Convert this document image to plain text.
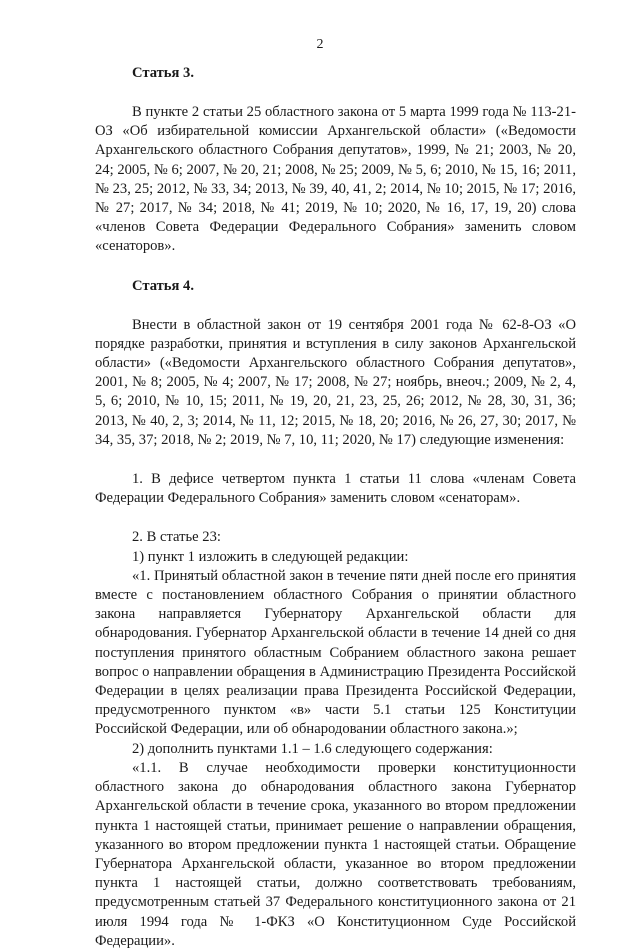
2
Статья 3.

В пункте 2 статьи 25 областного закона от 5 марта 1999 года № 113-21-ОЗ «Об избирательной комиссии Архангельской области» («Ведомости Архангельского областного Собрания депутатов», 1999, № 21; 2003, № 20, 24; 2005, № 6; 2007, № 20, 21; 2008, № 25; 2009, № 5, 6; 2010, № 15, 16; 2011, № 23, 25; 2012, № 33, 34; 2013, № 39, 40, 41, 2; 2014, № 10; 2015, № 17; 2016, № 27; 2017, № 34; 2018, № 41; 2019, № 10; 2020, № 16, 17, 19, 20) слова «членов Совета Федерации Федерального Собрания» заменить словом «сенаторов».

Статья 4.

Внести в областной закон от 19 сентября 2001 года № 62-8-ОЗ «О порядке разработки, принятия и вступления в силу законов Архангельской области» («Ведомости Архангельского областного Собрания депутатов», 2001, № 8; 2005, № 4; 2007, № 17; 2008, № 27; ноябрь, внеоч.; 2009, № 2, 4, 5, 6; 2010, № 10, 15; 2011, № 19, 20, 21, 23, 25, 26; 2012, № 28, 30, 31, 36; 2013, № 40, 2, 3; 2014, № 11, 12; 2015, № 18, 20; 2016, № 26, 27, 30; 2017, № 34, 35, 37; 2018, № 2; 2019, № 7, 10, 11; 2020, № 17) следующие изменения:

1. В дефисе четвертом пункта 1 статьи 11 слова «членам Совета Федерации Федерального Собрания» заменить словом «сенаторам».

2. В статье 23:

1) пункт 1 изложить в следующей редакции:

«1. Принятый областной закон в течение пяти дней после его принятия вместе с постановлением областного Собрания о принятии областного закона направляется Губернатору Архангельской области для обнародования. Губернатор Архангельской области в течение 14 дней со дня поступления принятого областным Собранием областного закона решает вопрос о направлении обращения в Администрацию Президента Российской Федерации в целях реализации права Президента Российской Федерации, предусмотренного пунктом «в» части 5.1 статьи 125 Конституции Российской Федерации, или об обнародовании областного закона.»;

2) дополнить пунктами 1.1 – 1.6 следующего содержания:

«1.1. В случае необходимости проверки конституционности областного закона до обнародования областного закона Губернатор Архангельской области в течение срока, указанного во втором предложении пункта 1 настоящей статьи, принимает решение о направлении обращения, указанного во втором предложении пункта 1 настоящей статьи. Обращение Губернатора Архангельской области, указанное во втором предложении пункта 1 настоящей статьи, должно соответствовать требованиям, предусмотренным статьей 37 Федерального конституционного закона от 21 июля 1994 года № 1-ФКЗ «О Конституционном Суде Российской Федерации».
